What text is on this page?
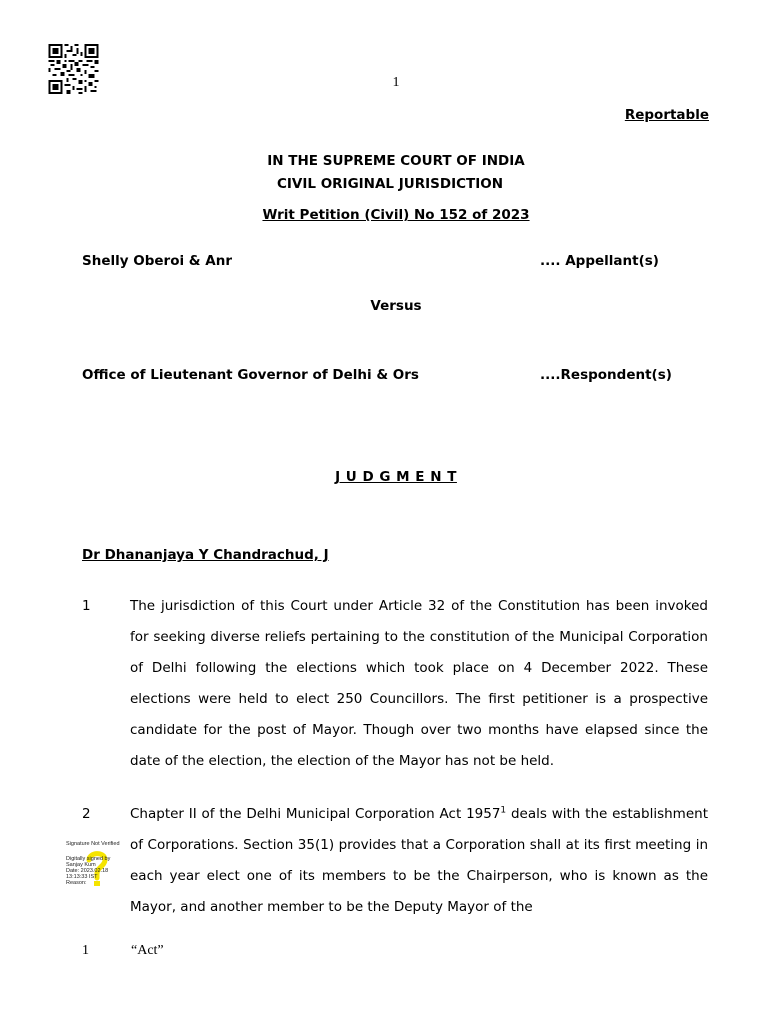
1
Reportable
IN THE SUPREME COURT OF INDIA
CIVIL ORIGINAL JURISDICTION
Writ Petition (Civil) No 152 of 2023
Shelly Oberoi & Anr	.... Appellant(s)
Versus
Office of Lieutenant Governor of Delhi & Ors	....Respondent(s)
J U D G M E N T
Dr Dhananjaya Y Chandrachud, J
1	The jurisdiction of this Court under Article 32 of the Constitution has been invoked for seeking diverse reliefs pertaining to the constitution of the Municipal Corporation of Delhi following the elections which took place on 4 December 2022. These elections were held to elect 250 Councillors. The first petitioner is a prospective candidate for the post of Mayor. Though over two months have elapsed since the date of the election, the election of the Mayor has not be held.
2	Chapter II of the Delhi Municipal Corporation Act 1957$^1$ deals with the establishment of Corporations. Section 35(1) provides that a Corporation shall at its first meeting in each year elect one of its members to be the Chairperson, who is known as the Mayor, and another member to be the Deputy Mayor of the
Signature Not Verified
Digitally signed by
Sanjay Kum
Date: 2023.02.18
13:13:33 IST
Reason:
1	“Act”
